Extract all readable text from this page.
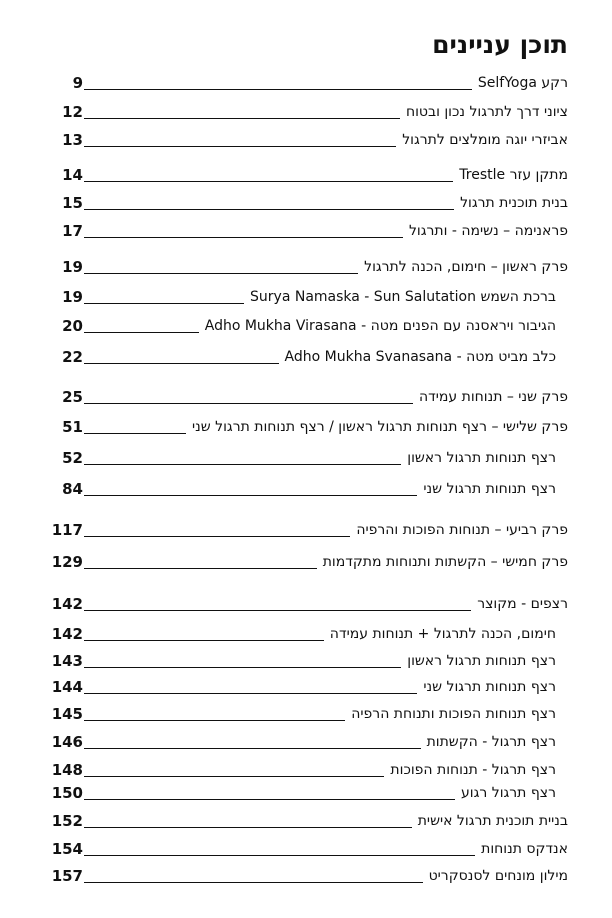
תוכן עניינים
9	רקע SelfYoga
12	ציוני דרך לתרגול נכון ובטוח
13	אביזרי יוגה מומלצים לתרגול
14	מתקן עזר Trestle
15	בנית תוכנית תרגול
17	פראנימה – נשימה - ותרגול
19	פרק ראשון – חימום, הכנה לתרגול
19	ברכת השמש Surya Namaska - Sun Salutation
20	הגיבור ויראסנה עם הפנים מטה - Adho Mukha Virasana
22	כלב מביט מטה - Adho Mukha Svanasana
25	פרק שני – תנוחות עמידה
51	פרק שלישי – רצף תנוחות תרגול ראשון / רצף תנוחות תרגול שני
52	רצף תנוחות תרגול ראשון
84	רצף תנוחות תרגול שני
117	פרק רביעי – תנוחות הפוכות והרפיה
129	פרק חמישי – הקשתות ותנוחות מתקדמות
142	רצפים - מקוצר
142	חימום, הכנה לתרגול + תנוחות עמידה
143	רצף תנוחות תרגול ראשון
144	רצף תנוחות תרגול שני
145	רצף תנוחות הפוכות ותנוחת הרפיה
146	רצף תרגול - הקשתות
148	רצף תרגול - תנוחות הפוכות
150	רצף תרגול רגוע
152	בניית תוכנית תרגול אישית
154	אנדקס תנוחות
157	מילון מונחים לסנסקריט
